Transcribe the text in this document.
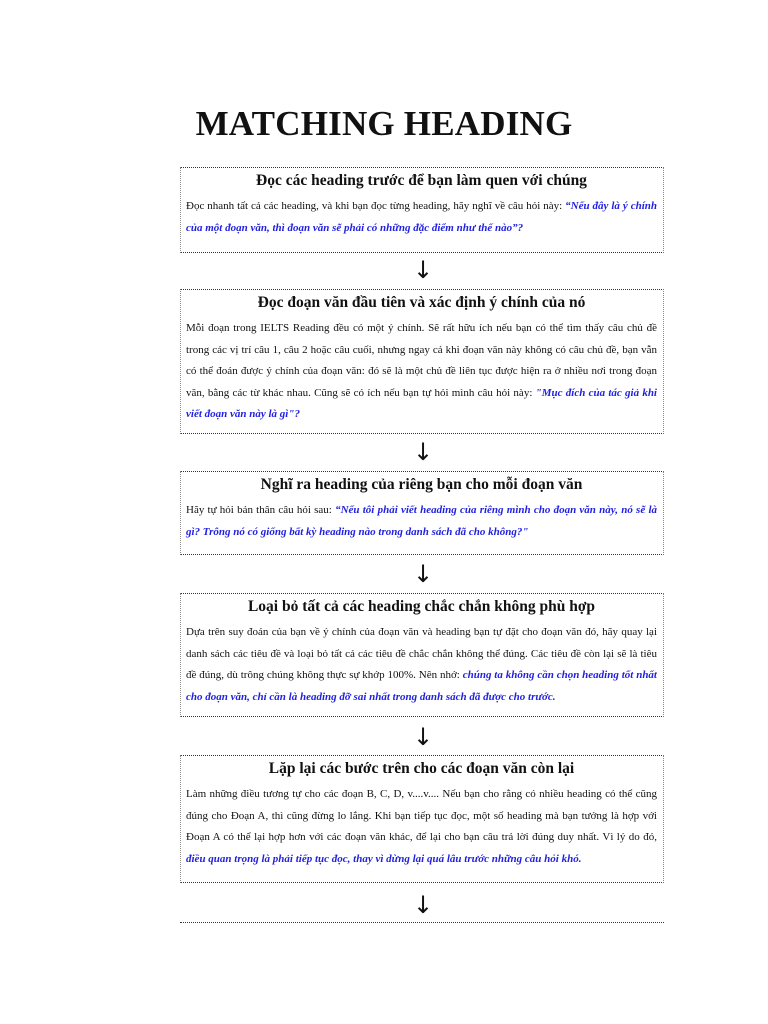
MATCHING HEADING
Đọc các heading trước để bạn làm quen với chúng

Đọc nhanh tất cả các heading, và khi bạn đọc từng heading, hãy nghĩ về câu hỏi này: “Nếu đây là ý chính của một đoạn văn, thì đoạn văn sẽ phải có những đặc điểm như thế nào”?

↓
Đọc đoạn văn đầu tiên và xác định ý chính của nó

Mỗi đoạn trong IELTS Reading đều có một ý chính. Sẽ rất hữu ích nếu bạn có thể tìm thấy câu chủ đề trong các vị trí câu 1, câu 2 hoặc câu cuối, nhưng ngay cả khi đoạn văn này không có câu chủ đề, bạn vẫn có thể đoán được ý chính của đoạn văn: đó sẽ là một chủ đề liên tục được hiện ra ở nhiều nơi trong đoạn văn, bằng các từ khác nhau. Cũng sẽ có ích nếu bạn tự hỏi mình câu hỏi này: "Mục đích của tác giả khi viết đoạn văn này là gì"?

↓
Nghĩ ra heading của riêng bạn cho mỗi đoạn văn

Hãy tự hỏi bản thân câu hỏi sau: “Nếu tôi phải viết heading của riêng mình cho đoạn văn này, nó sẽ là gì? Trông nó có giống bất kỳ heading nào trong danh sách đã cho không?"

↓
Loại bỏ tất cả các heading chắc chắn không phù hợp

Dựa trên suy đoán của bạn về ý chính của đoạn văn và heading bạn tự đặt cho đoạn văn đó, hãy quay lại danh sách các tiêu đề và loại bỏ tất cả các tiêu đề chắc chắn không thể đúng. Các tiêu đề còn lại sẽ là tiêu đề đúng, dù trông chúng không thực sự khớp 100%. Nên nhớ: chúng ta không cần chọn heading tốt nhất cho đoạn văn, chỉ cần là heading đỡ sai nhất trong danh sách đã được cho trước.

↓
Lặp lại các bước trên cho các đoạn văn còn lại

Làm những điều tương tự cho các đoạn B, C, D, v....v.... Nếu bạn cho rằng có nhiều heading có thể cũng đúng cho Đoạn A, thì cũng đừng lo lắng. Khi bạn tiếp tục đọc, một số heading mà bạn tưởng là hợp với Đoạn A có thể lại hợp hơn với các đoạn văn khác, để lại cho bạn câu trả lời đúng duy nhất. Vì lý do đó, điều quan trọng là phải tiếp tục đọc, thay vì dừng lại quá lâu trước những câu hỏi khó.

↓
